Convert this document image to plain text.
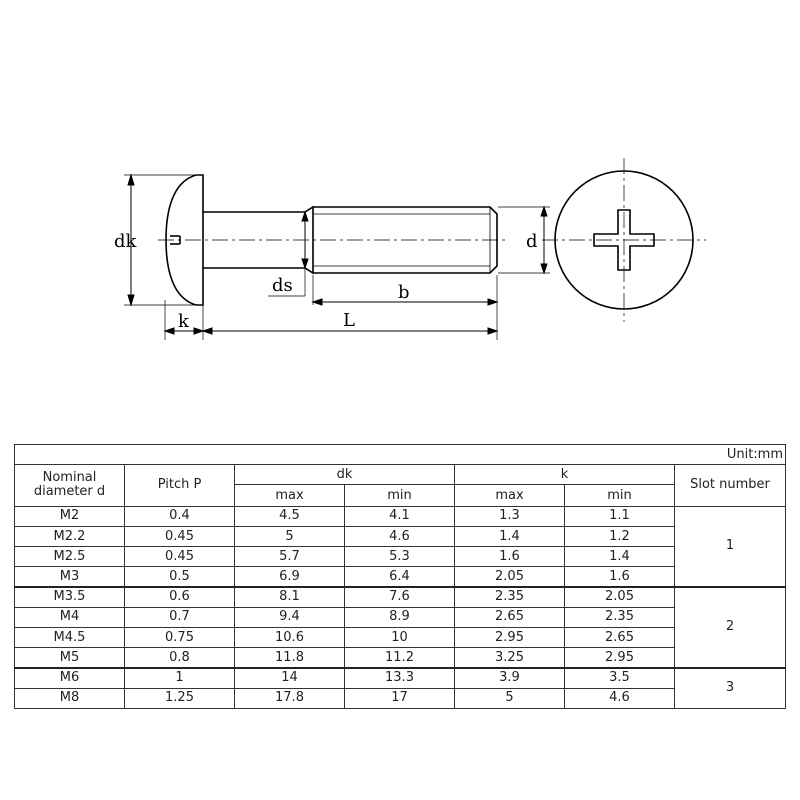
dk
k
ds	b
L
d
Unit:mm						
Nominal diameter d	Pitch P	dk		k		Slot number
		max	min	max	min	
M2	0.4	4.5	4.1	1.3	1.1	1
M2.2	0.45	5	4.6	1.4	1.2	
M2.5	0.45	5.7	5.3	1.6	1.4	
M3	0.5	6.9	6.4	2.05	1.6	
M3.5	0.6	8.1	7.6	2.35	2.05	2
M4	0.7	9.4	8.9	2.65	2.35	
M4.5	0.75	10.6	10	2.95	2.65	
M5	0.8	11.8	11.2	3.25	2.95	
M6	1	14	13.3	3.9	3.5	3
M8	1.25	17.8	17	5	4.6	
